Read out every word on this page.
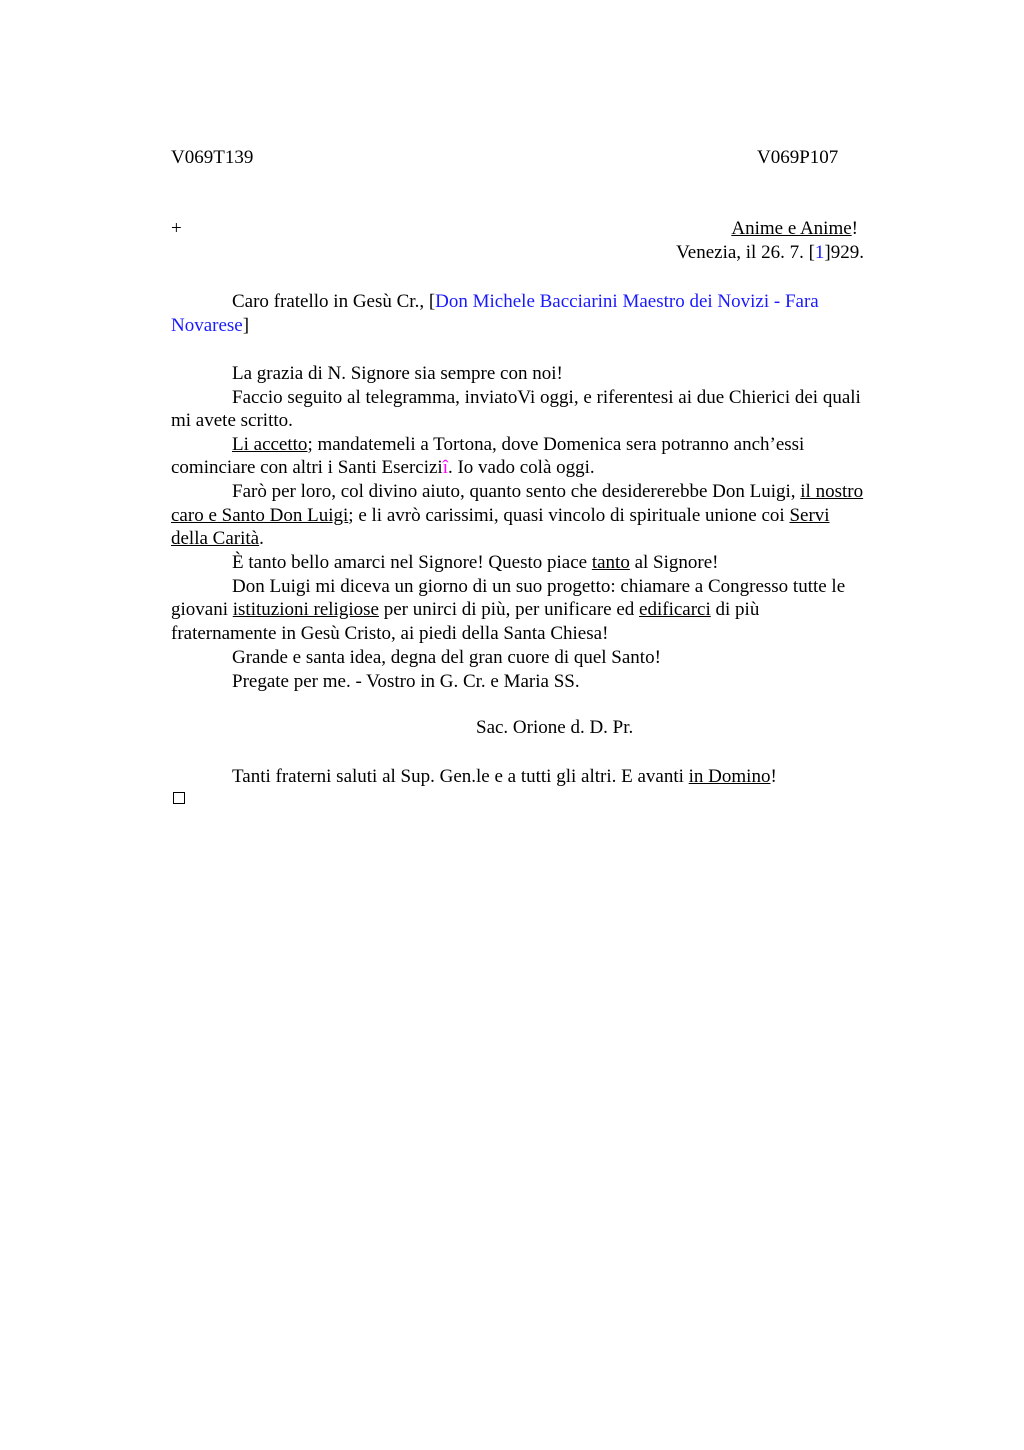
V069T139	V069P107
+	Anime e Anime!
Venezia, il 26. 7. [1]929.
Caro fratello in Gesù Cr., [Don Michele Bacciarini Maestro dei Novizi - Fara
Novarese]
La grazia di N. Signore sia sempre con noi!
Faccio seguito al telegramma, inviatoVi oggi, e riferentesi ai due Chierici dei quali
mi avete scritto.
Li accetto; mandatemeli a Tortona, dove Domenica sera potranno anch’essi
cominciare con altri i Santi Eserciziî. Io vado colà oggi.
Farò per loro, col divino aiuto, quanto sento che desidererebbe Don Luigi, il nostro
caro e Santo Don Luigi; e li avrò carissimi, quasi vincolo di spirituale unione coi Servi
della Carità.
È tanto bello amarci nel Signore! Questo piace tanto al Signore!
Don Luigi mi diceva un giorno di un suo progetto: chiamare a Congresso tutte le
giovani istituzioni religiose per unirci di più, per unificare ed edificarci di più
fraternamente in Gesù Cristo, ai piedi della Santa Chiesa!
Grande e santa idea, degna del gran cuore di quel Santo!
Pregate per me. - Vostro in G. Cr. e Maria SS.
Sac. Orione d. D. Pr.
Tanti fraterni saluti al Sup. Gen.le e a tutti gli altri. E avanti in Domino!
